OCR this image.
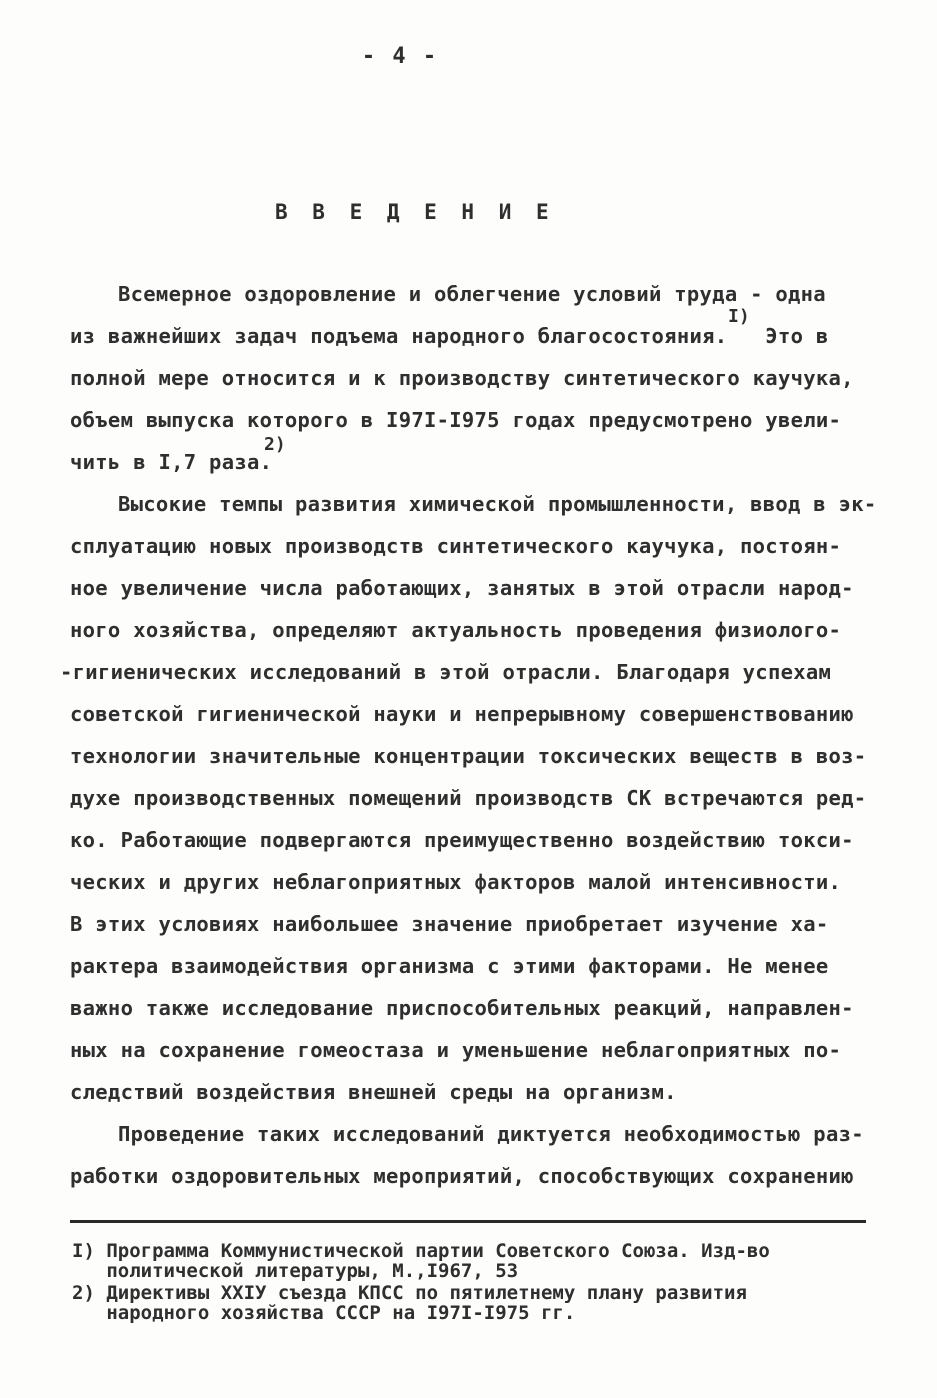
- 4 -
В В Е Д Е Н И Е
Всемерное оздоровление и облегчение условий труда - одна
из важнейших задач подъема народного благосостояния.   Это в
I)
полной мере относится и к производству синтетического каучука,
объем выпуска которого в I97I-I975 годах предусмотрено увели-
чить в I,7 раза.
2)
Высокие темпы развития химической промышленности, ввод в эк-
сплуатацию новых производств синтетического каучука, постоян-
ное увеличение числа работающих, занятых в этой отрасли народ-
ного хозяйства, определяют актуальность проведения физиолого-
-гигиенических исследований в этой отрасли. Благодаря успехам
советской гигиенической науки и непрерывному совершенствованию
технологии значительные концентрации токсических веществ в воз-
духе производственных помещений производств СК встречаются ред-
ко. Работающие подвергаются преимущественно воздействию токси-
ческих и других неблагоприятных факторов малой интенсивности.
В этих условиях наибольшее значение приобретает изучение ха-
рактера взаимодействия организма с этими факторами. Не менее
важно также исследование приспособительных реакций, направлен-
ных на сохранение гомеостаза и уменьшение неблагоприятных по-
следствий воздействия внешней среды на организм.
Проведение таких исследований диктуется необходимостью раз-
работки оздоровительных мероприятий, способствующих сохранению
I) Программа Коммунистической партии Советского Союза. Изд-во
политической литературы, М.,I967, 53
2) Директивы XXIУ съезда КПСС по пятилетнему плану развития
народного хозяйства СССР на I97I-I975 гг.
